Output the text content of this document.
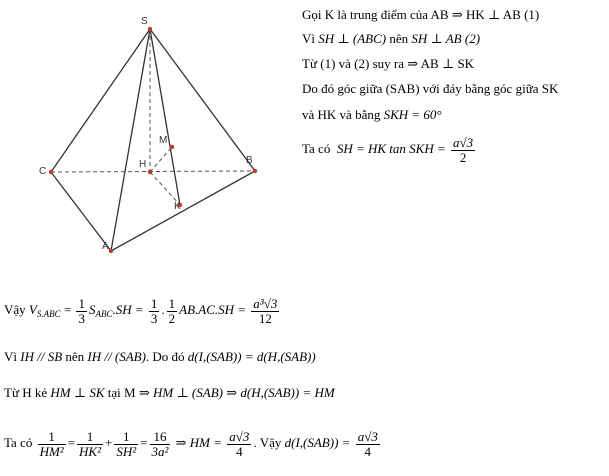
S
C
B
A
H
M
K
Gọi K là trung điểm của AB ⇒ HK ⊥ AB (1)
Vì SH ⊥ (ABC) nên SH ⊥ AB (2)
Từ (1) và (2) suy ra ⇒ AB ⊥ SK
Do đó góc giữa (SAB) với đáy bằng góc giữa SK
và HK và bằng SKH = 60°
Ta có SH = HK tan SKH = $\frac{a√3}{2}$
Vậy $V_{S.ABC} = \frac{1}{3} S_{ABC}.SH = \frac{1}{3}$ . $\frac{1}{2} AB.AC.SH = \frac{\text{a³√3}}{12}$
Vì IH // SB nên IH // (SAB). Do đó d(I,(SAB)) = d(H,(SAB))
Từ H kẻ HM ⊥ SK tại M ⇒ HM ⊥ (SAB) ⇒ d(H,(SAB)) = HM
Ta có $\frac{1}{\text{HM²}} = \frac{1}{\text{HK²}} + \frac{1}{\text{SH²}} = \frac{16}{\text{3a²}}$ ⇒ HM = $\frac{a√3}{4}$ . Vậy $d(I,(SAB)) = \frac{a√3}{4}$
